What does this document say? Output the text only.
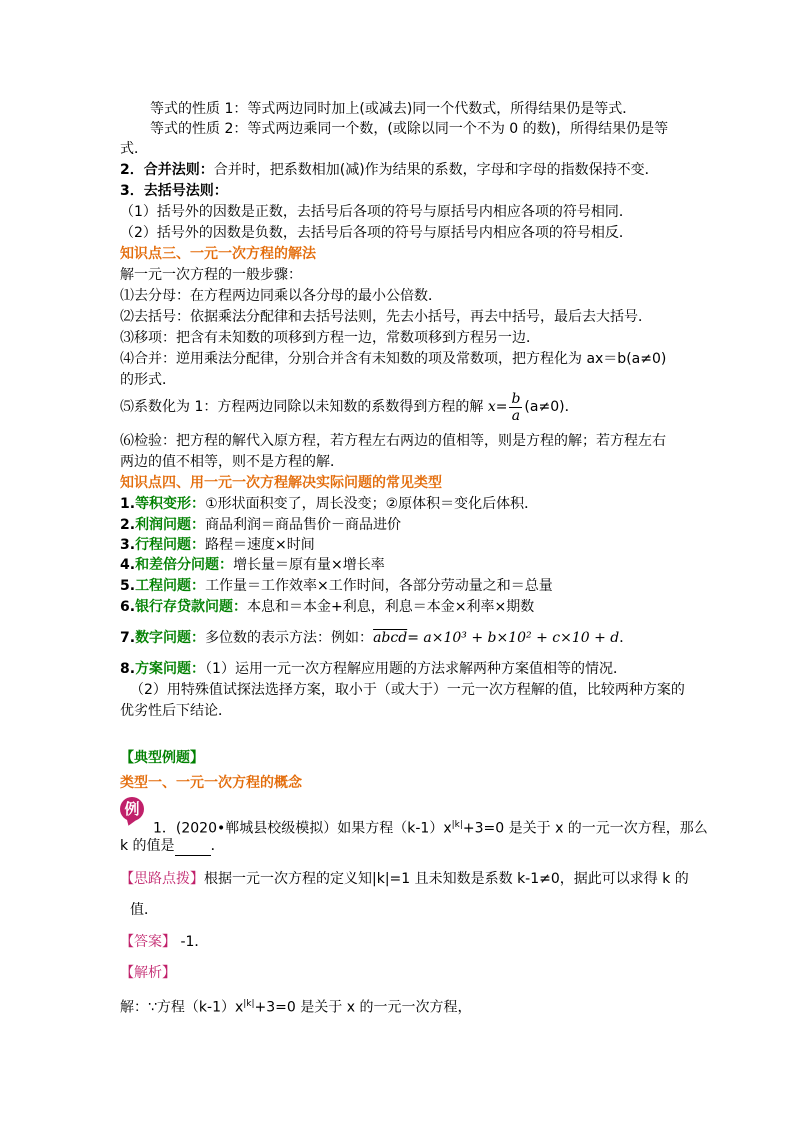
等式的性质 1：等式两边同时加上(或减去)同一个代数式，所得结果仍是等式．
等式的性质 2：等式两边乘同一个数，(或除以同一个不为 0 的数)，所得结果仍是等
式．
2．合并法则：合并时，把系数相加(减)作为结果的系数，字母和字母的指数保持不变．
3．去括号法则：
（1）括号外的因数是正数，去括号后各项的符号与原括号内相应各项的符号相同．
（2）括号外的因数是负数，去括号后各项的符号与原括号内相应各项的符号相反．
知识点三、一元一次方程的解法
解一元一次方程的一般步骤：
⑴去分母：在方程两边同乘以各分母的最小公倍数．
⑵去括号：依据乘法分配律和去括号法则，先去小括号，再去中括号，最后去大括号．
⑶移项：把含有未知数的项移到方程一边，常数项移到方程另一边．
⑷合并：逆用乘法分配律，分别合并含有未知数的项及常数项，把方程化为 ax＝b(a≠0)
的形式．
⑸系数化为 1：方程两边同除以未知数的系数得到方程的解 $x= \frac{b}{a} (a\ne 0)$．
⑹检验：把方程的解代入原方程，若方程左右两边的值相等，则是方程的解；若方程左右
两边的值不相等，则不是方程的解．
知识点四、用一元一次方程解决实际问题的常见类型
1.等积变形：①形状面积变了，周长没变；②原体积＝变化后体积．
2.利润问题：商品利润＝商品售价－商品进价
3.行程问题：路程＝速度×时间
4.和差倍分问题：增长量＝原有量×增长率
5.工程问题：工作量＝工作效率×工作时间，各部分劳动量之和＝总量
6.银行存贷款问题：本息和＝本金+利息，利息＝本金×利率×期数
7.数字问题：多位数的表示方法：例如：abcd= a×10³ + b×10² + c×10 + d．
8.方案问题：（1）运用一元一次方程解应用题的方法求解两种方案值相等的情况．
（2）用特殊值试探法选择方案，取小于（或大于）一元一次方程解的值，比较两种方案的
优劣性后下结论．
【典型例题】
类型一、一元一次方程的概念
例
1．(2020•郸城县校级模拟）如果方程$(k-1)x^{|k|}+3=0$ 是关于 x 的一元一次方程，那么
k 的值是	．
【思路点拨】根据一元一次方程的定义知|k|=1 且未知数是系数 k-1≠0，据此可以求得 k 的
值．
【答案】 -1．
【解析】
解：∵方程$(k-1)x^{|k|}+3=0$ 是关于 x 的一元一次方程，
